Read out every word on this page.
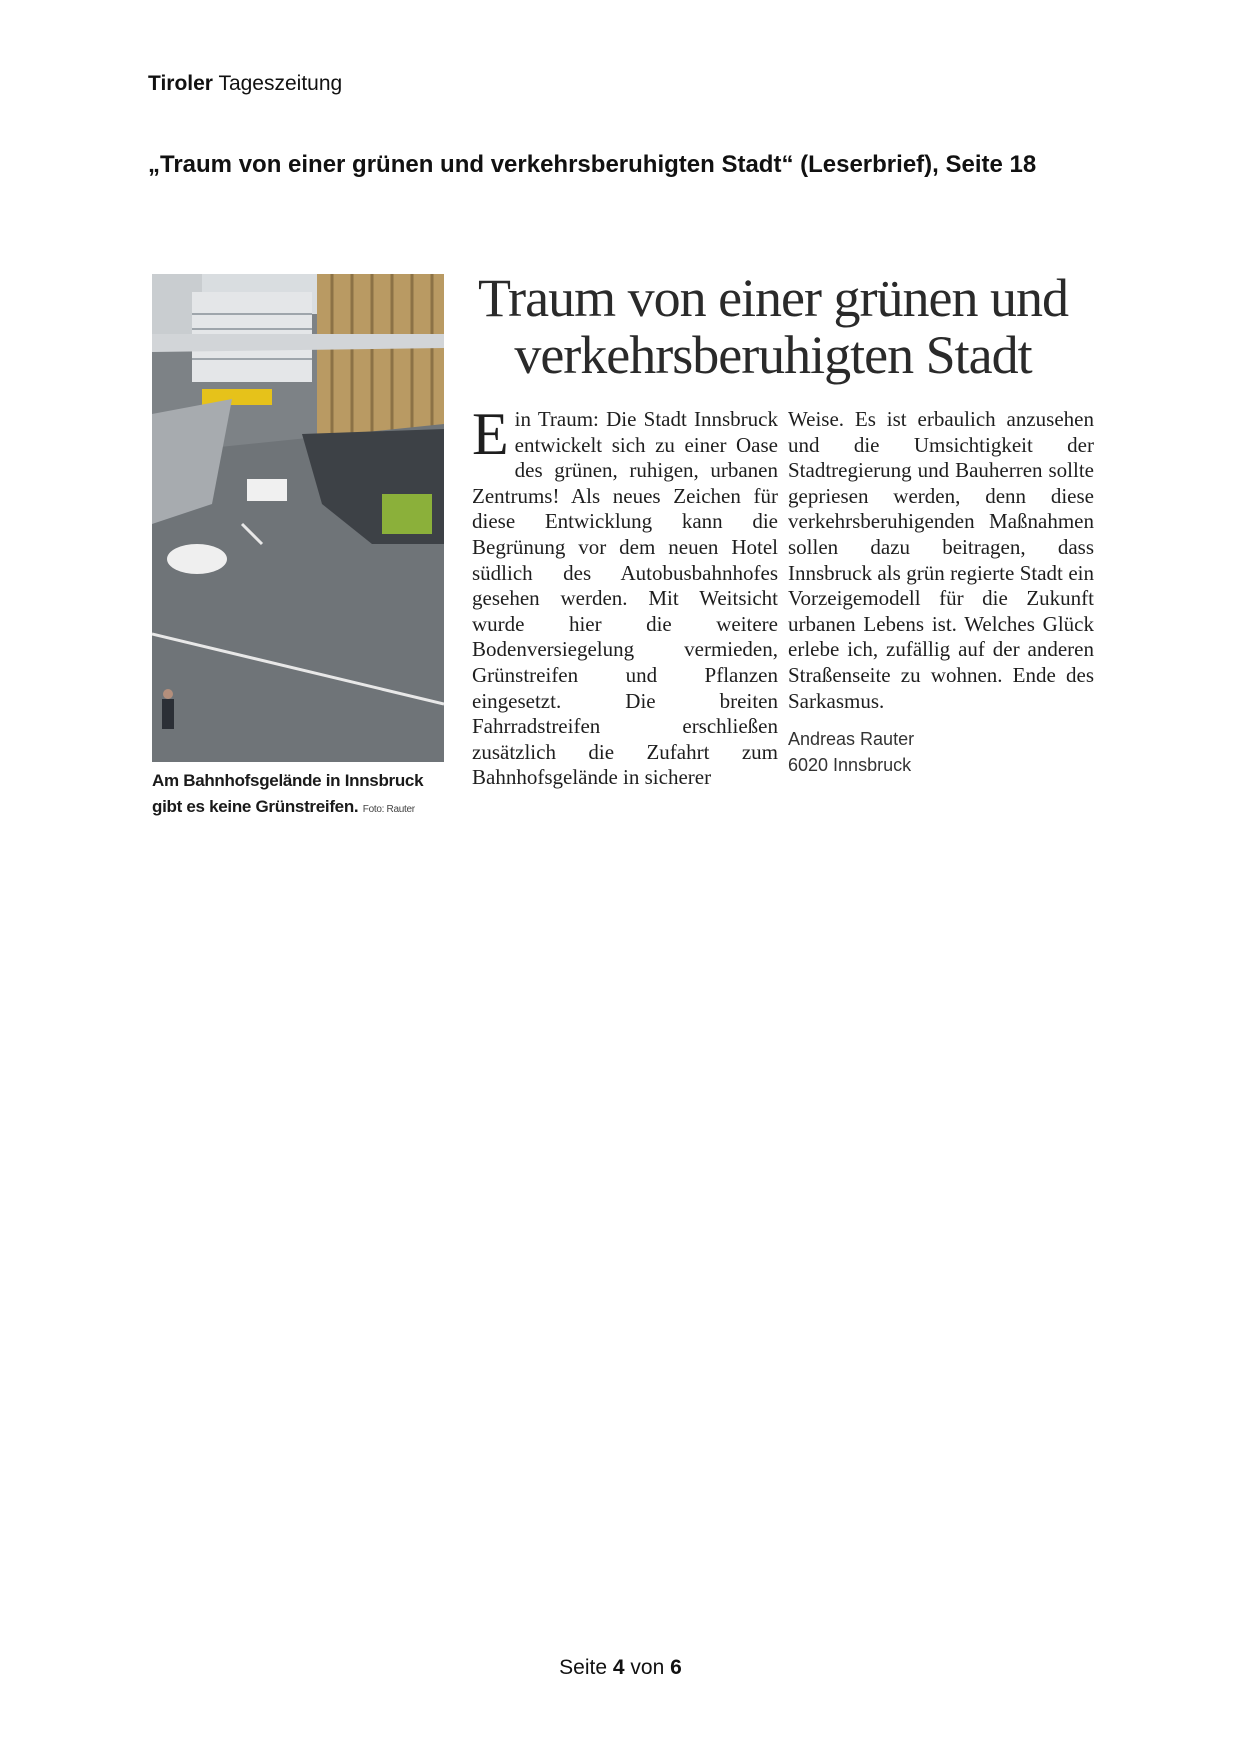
Tiroler Tageszeitung
„Traum von einer grünen und verkehrsberuhigten Stadt“ (Leserbrief), Seite 18
Am Bahnhofsgelände in Innsbruck gibt es keine Grünstreifen. Foto: Rauter
Traum von einer grünen und verkehrsberuhigten Stadt
Ein Traum: Die Stadt Innsbruck entwickelt sich zu einer Oase des grünen, ruhigen, urbanen Zentrums! Als neues Zeichen für diese Entwicklung kann die Begrünung vor dem neuen Hotel südlich des Autobusbahnhofes gesehen werden. Mit Weitsicht wurde hier die weitere Bodenversiegelung vermieden, Grünstreifen und Pflanzen eingesetzt. Die breiten Fahrradstreifen erschließen zusätzlich die Zufahrt zum Bahnhofsgelände in sicherer
Weise. Es ist erbaulich anzusehen und die Umsichtigkeit der Stadtregierung und Bauherren sollte gepriesen werden, denn diese verkehrsberuhigenden Maßnahmen sollen dazu beitragen, dass Innsbruck als grün regierte Stadt ein Vorzeigemodell für die Zukunft urbanen Lebens ist. Welches Glück erlebe ich, zufällig auf der anderen Straßenseite zu wohnen. Ende des Sarkasmus.
Andreas Rauter
6020 Innsbruck
Seite 4 von 6
